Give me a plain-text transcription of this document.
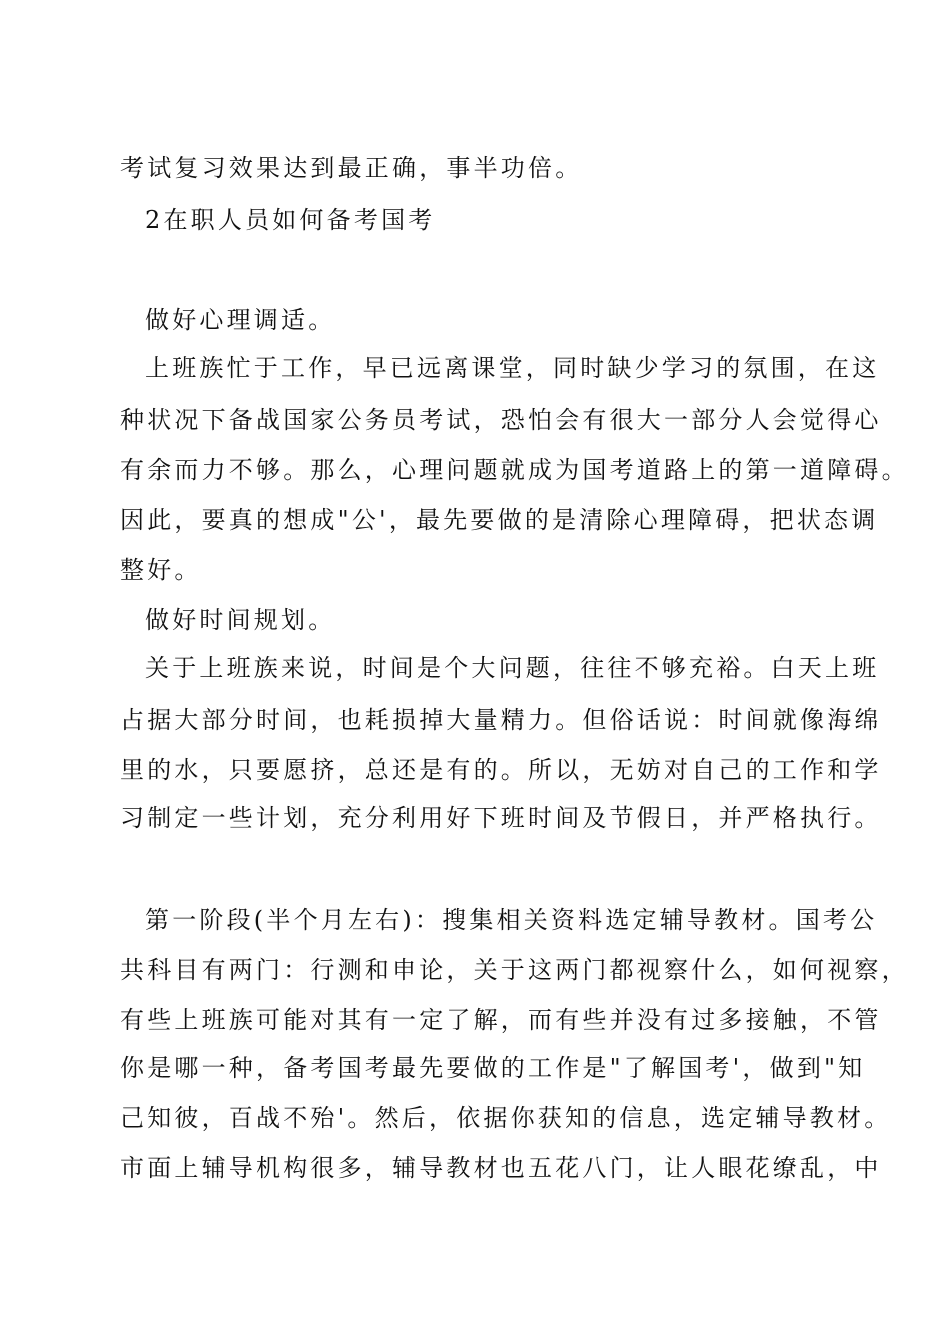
考试复习效果达到最正确，事半功倍。
2在职人员如何备考国考
做好心理调适。
上班族忙于工作，早已远离课堂，同时缺少学习的氛围，在这
种状况下备战国家公务员考试，恐怕会有很大一部分人会觉得心
有余而力不够。那么，心理问题就成为国考道路上的第一道障碍。
因此，要真的想成"公'，最先要做的是清除心理障碍，把状态调
整好。
做好时间规划。
关于上班族来说，时间是个大问题，往往不够充裕。白天上班
占据大部分时间，也耗损掉大量精力。但俗话说：时间就像海绵
里的水，只要愿挤，总还是有的。所以，无妨对自己的工作和学
习制定一些计划，充分利用好下班时间及节假日，并严格执行。
第一阶段(半个月左右)：搜集相关资料选定辅导教材。国考公
共科目有两门：行测和申论，关于这两门都视察什么，如何视察，
有些上班族可能对其有一定了解，而有些并没有过多接触，不管
你是哪一种，备考国考最先要做的工作是"了解国考'，做到"知
己知彼，百战不殆'。然后，依据你获知的信息，选定辅导教材。
市面上辅导机构很多，辅导教材也五花八门，让人眼花缭乱，中
